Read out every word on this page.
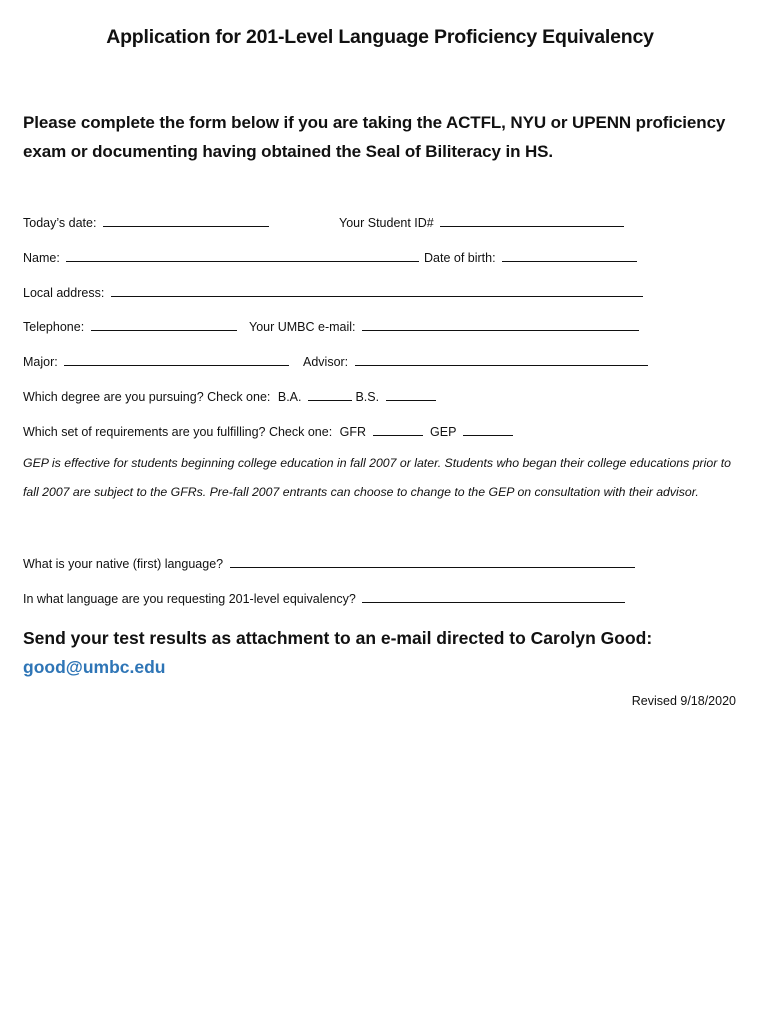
Application for 201-Level Language Proficiency Equivalency
Please complete the form below if you are taking the ACTFL, NYU or UPENN proficiency exam or documenting having obtained the Seal of Biliteracy in HS.
Today’s date:	Your Student ID#
Name:	Date of birth:
Local address:
Telephone:	Your UMBC e-mail:
Major:	Advisor:
Which degree are you pursuing? Check one: B.A.	B.S.
Which set of requirements are you fulfilling? Check one: GFR	GEP
GEP is effective for students beginning college education in fall 2007 or later. Students who began their college educations prior to fall 2007 are subject to the GFRs. Pre-fall 2007 entrants can choose to change to the GEP on consultation with their advisor.
What is your native (first) language?
In what language are you requesting 201-level equivalency?
Send your test results as attachment to an e-mail directed to Carolyn Good:
good@umbc.edu
Revised 9/18/2020
